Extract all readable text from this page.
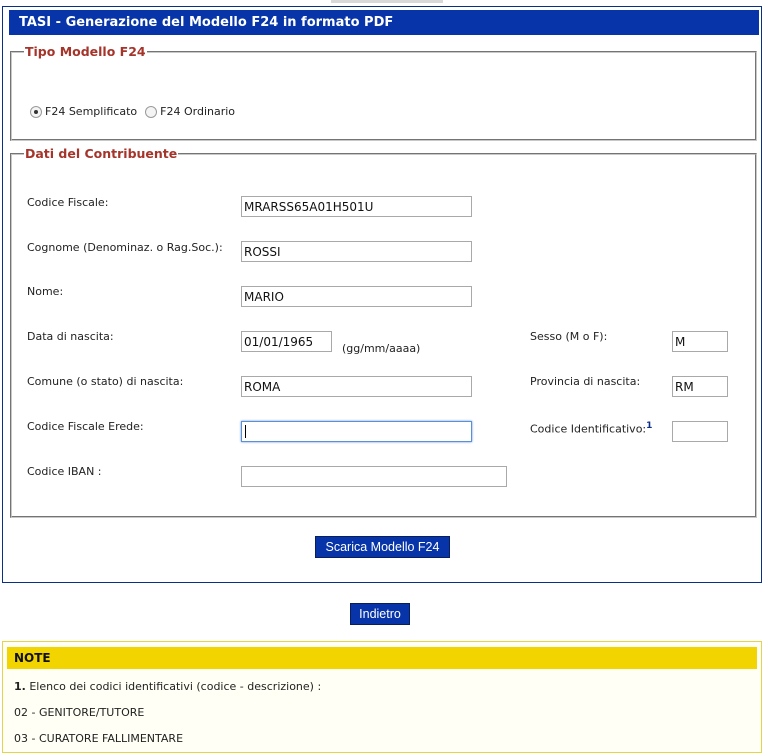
TASI - Generazione del Modello F24 in formato PDF
Tipo Modello F24
F24 Semplificato F24 Ordinario
Dati del Contribuente
Codice Fiscale:
MRARSS65A01H501U
Cognome (Denominaz. o Rag.Soc.):
ROSSI
Nome:
MARIO
Data di nascita:
01/01/1965
(gg/mm/aaaa)
Sesso (M o F):
M
Comune (o stato) di nascita:
ROMA	Provincia di nascita:
RM
Codice Fiscale Erede:	Codice Identificativo:$^1$
Codice IBAN :
Scarica Modello F24
Indietro
NOTE
1. Elenco dei codici identificativi (codice - descrizione) :
02 - GENITORE/TUTORE
03 - CURATORE FALLIMENTARE
